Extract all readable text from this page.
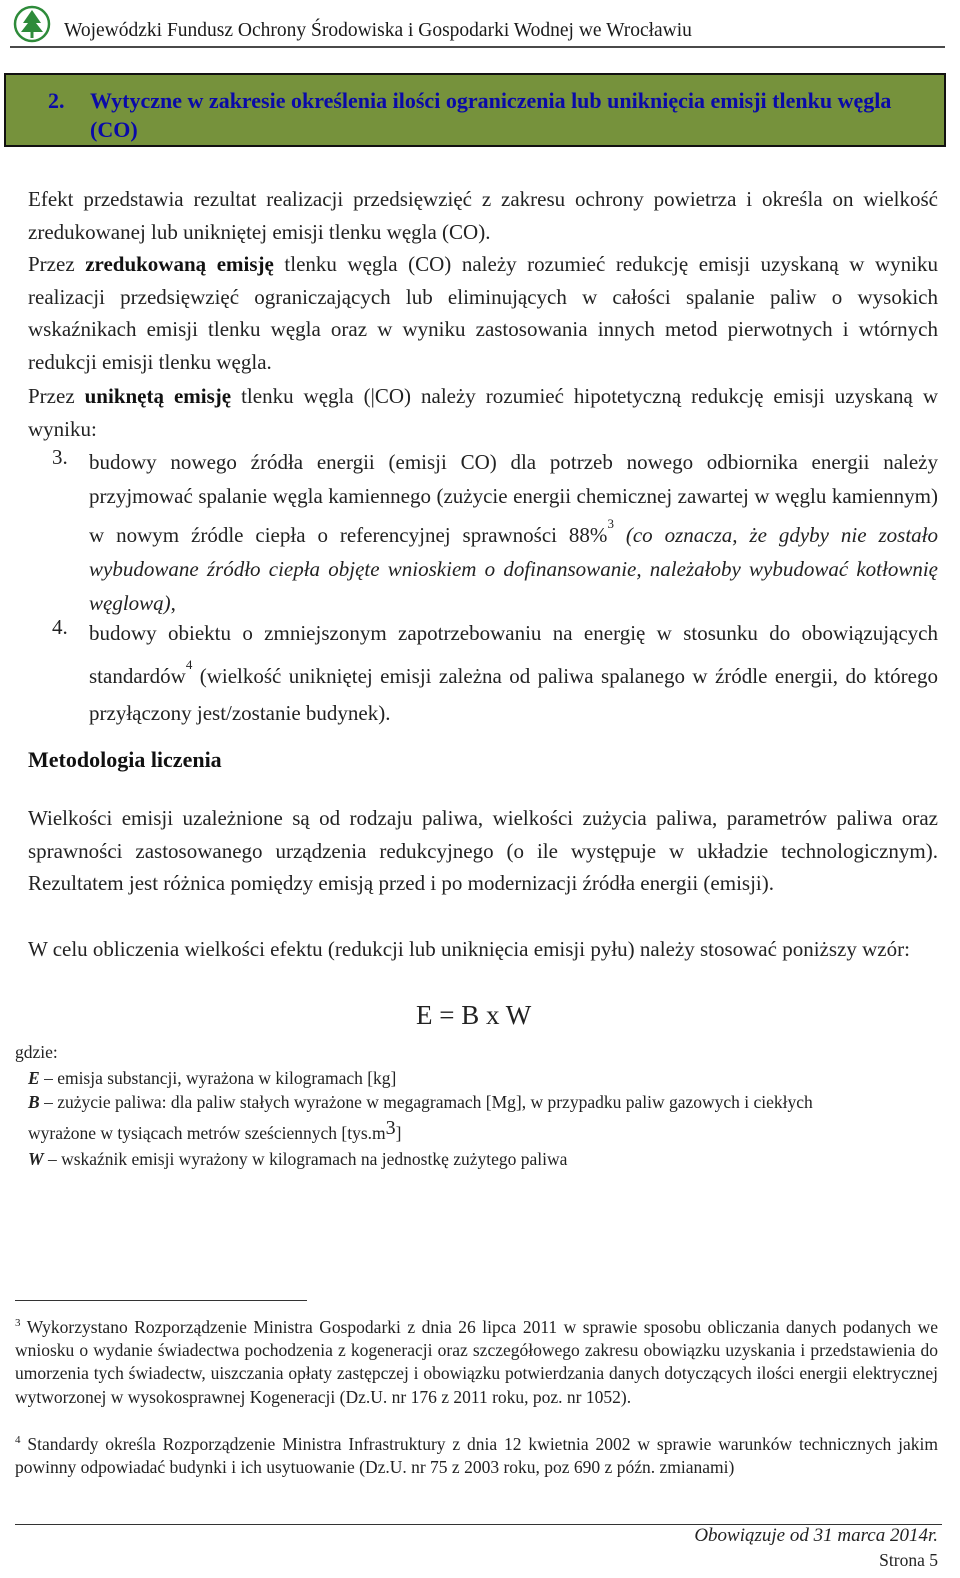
Wojewódzki Fundusz Ochrony Środowiska i Gospodarki Wodnej we Wrocławiu
2. Wytyczne w zakresie określenia ilości ograniczenia lub uniknięcia emisji tlenku węgla (CO)
Efekt przedstawia rezultat realizacji przedsięwzięć z zakresu ochrony powietrza i określa on wielkość zredukowanej lub unikniętej emisji tlenku węgla (CO).
Przez zredukowaną emisję tlenku węgla (CO) należy rozumieć redukcję emisji uzyskaną w wyniku realizacji przedsięwzięć ograniczających lub eliminujących w całości spalanie paliw o wysokich wskaźnikach emisji tlenku węgla oraz w wyniku zastosowania innych metod pierwotnych i wtórnych redukcji emisji tlenku węgla.
Przez uniknętą emisję tlenku węgla (|CO) należy rozumieć hipotetyczną redukcję emisji uzyskaną w wyniku:
3. budowy nowego źródła energii (emisji CO) dla potrzeb nowego odbiornika energii należy przyjmować spalanie węgla kamiennego (zużycie energii chemicznej zawartej w węglu kamiennym) w nowym źródle ciepła o referencyjnej sprawności 88%$^3$ (co oznacza, że gdyby nie zostało wybudowane źródło ciepła objęte wnioskiem o dofinansowanie, należałoby wybudować kotłownię węglową),
4. budowy obiektu o zmniejszonym zapotrzebowaniu na energię w stosunku do obowiązujących standardów$^4$ (wielkość unikniętej emisji zależna od paliwa spalanego w źródle energii, do którego przyłączony jest/zostanie budynek).
Metodologia liczenia
Wielkości emisji uzależnione są od rodzaju paliwa, wielkości zużycia paliwa, parametrów paliwa oraz sprawności zastosowanego urządzenia redukcyjnego (o ile występuje w układzie technologicznym). Rezultatem jest różnica pomiędzy emisją przed i po modernizacji źródła energii (emisji).
W celu obliczenia wielkości efektu (redukcji lub uniknięcia emisji pyłu) należy stosować poniższy wzór:
E = B x W
gdzie:
E – emisja substancji, wyrażona w kilogramach [kg]
B – zużycie paliwa: dla paliw stałych wyrażone w megagramach [Mg], w przypadku paliw gazowych i ciekłych
wyrażone w tysiącach metrów sześciennych [tys.m3]
W – wskaźnik emisji wyrażony w kilogramach na jednostkę zużytego paliwa
$^3$ Wykorzystano Rozporządzenie Ministra Gospodarki z dnia 26 lipca 2011 w sprawie sposobu obliczania danych podanych we wniosku o wydanie świadectwa pochodzenia z kogeneracji oraz szczegółowego zakresu obowiązku uzyskania i przedstawienia do umorzenia tych świadectw, uiszczania opłaty zastępczej i obowiązku potwierdzania danych dotyczących ilości energii elektrycznej wytworzonej w wysokosprawnej Kogeneracji (Dz.U. nr 176 z 2011 roku, poz. nr 1052).
$^4$ Standardy określa Rozporządzenie Ministra Infrastruktury z dnia 12 kwietnia 2002 w sprawie warunków technicznych jakim powinny odpowiadać budynki i ich usytuowanie (Dz.U. nr 75 z 2003 roku, poz 690 z późn. zmianami)
Obowiązuje od 31 marca 2014r.
Strona 5
